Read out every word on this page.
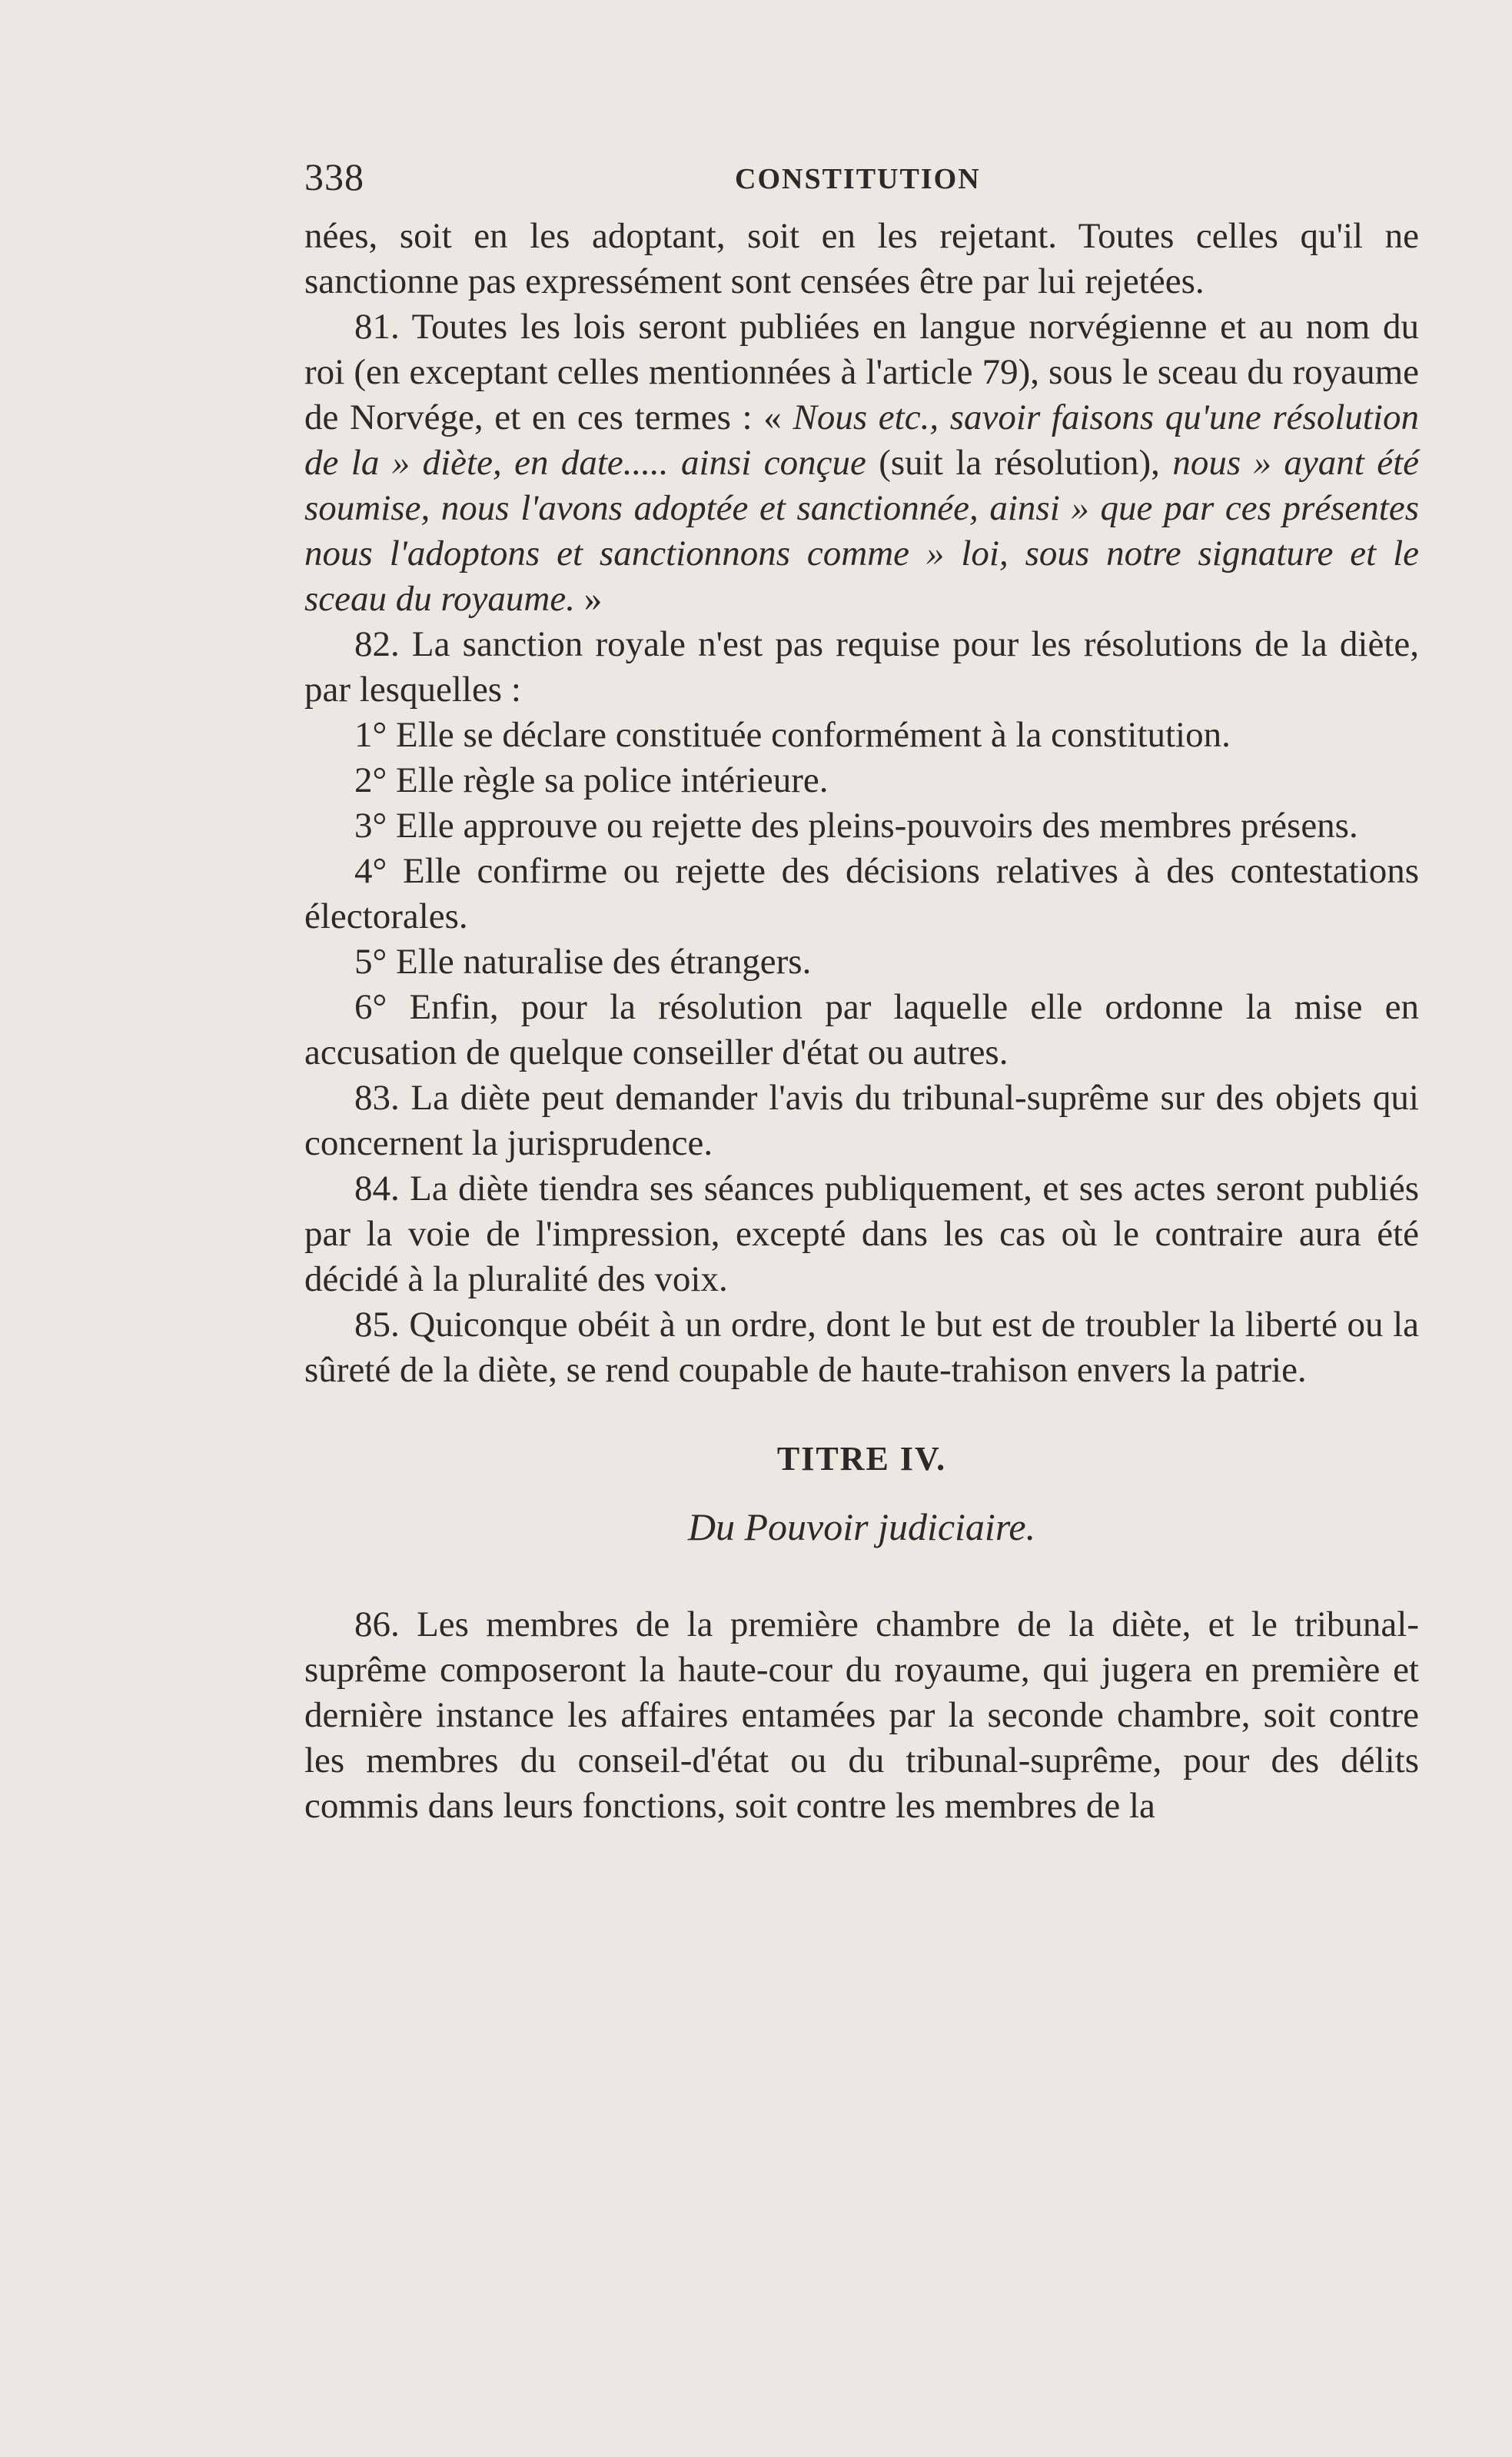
338	CONSTITUTION

nées, soit en les adoptant, soit en les rejetant. Toutes celles qu'il ne sanctionne pas expressément sont censées être par lui rejetées.

81. Toutes les lois seront publiées en langue norvégienne et au nom du roi (en exceptant celles mentionnées à l'article 79), sous le sceau du royaume de Norvége, et en ces termes : « Nous etc., savoir faisons qu'une résolution de la » diète, en date..... ainsi conçue (suit la résolution), nous » ayant été soumise, nous l'avons adoptée et sanctionnée, ainsi » que par ces présentes nous l'adoptons et sanctionnons comme » loi, sous notre signature et le sceau du royaume. »

82. La sanction royale n'est pas requise pour les résolutions de la diète, par lesquelles :

1° Elle se déclare constituée conformément à la constitution.

2° Elle règle sa police intérieure.

3° Elle approuve ou rejette des pleins-pouvoirs des membres présens.

4° Elle confirme ou rejette des décisions relatives à des contestations électorales.

5° Elle naturalise des étrangers.

6° Enfin, pour la résolution par laquelle elle ordonne la mise en accusation de quelque conseiller d'état ou autres.

83. La diète peut demander l'avis du tribunal-suprême sur des objets qui concernent la jurisprudence.

84. La diète tiendra ses séances publiquement, et ses actes seront publiés par la voie de l'impression, excepté dans les cas où le contraire aura été décidé à la pluralité des voix.

85. Quiconque obéit à un ordre, dont le but est de troubler la liberté ou la sûreté de la diète, se rend coupable de haute-trahison envers la patrie.

TITRE IV.
Du Pouvoir judiciaire.

86. Les membres de la première chambre de la diète, et le tribunal-suprême composeront la haute-cour du royaume, qui jugera en première et dernière instance les affaires entamées par la seconde chambre, soit contre les membres du conseil-d'état ou du tribunal-suprême, pour des délits commis dans leurs fonctions, soit contre les membres de la
